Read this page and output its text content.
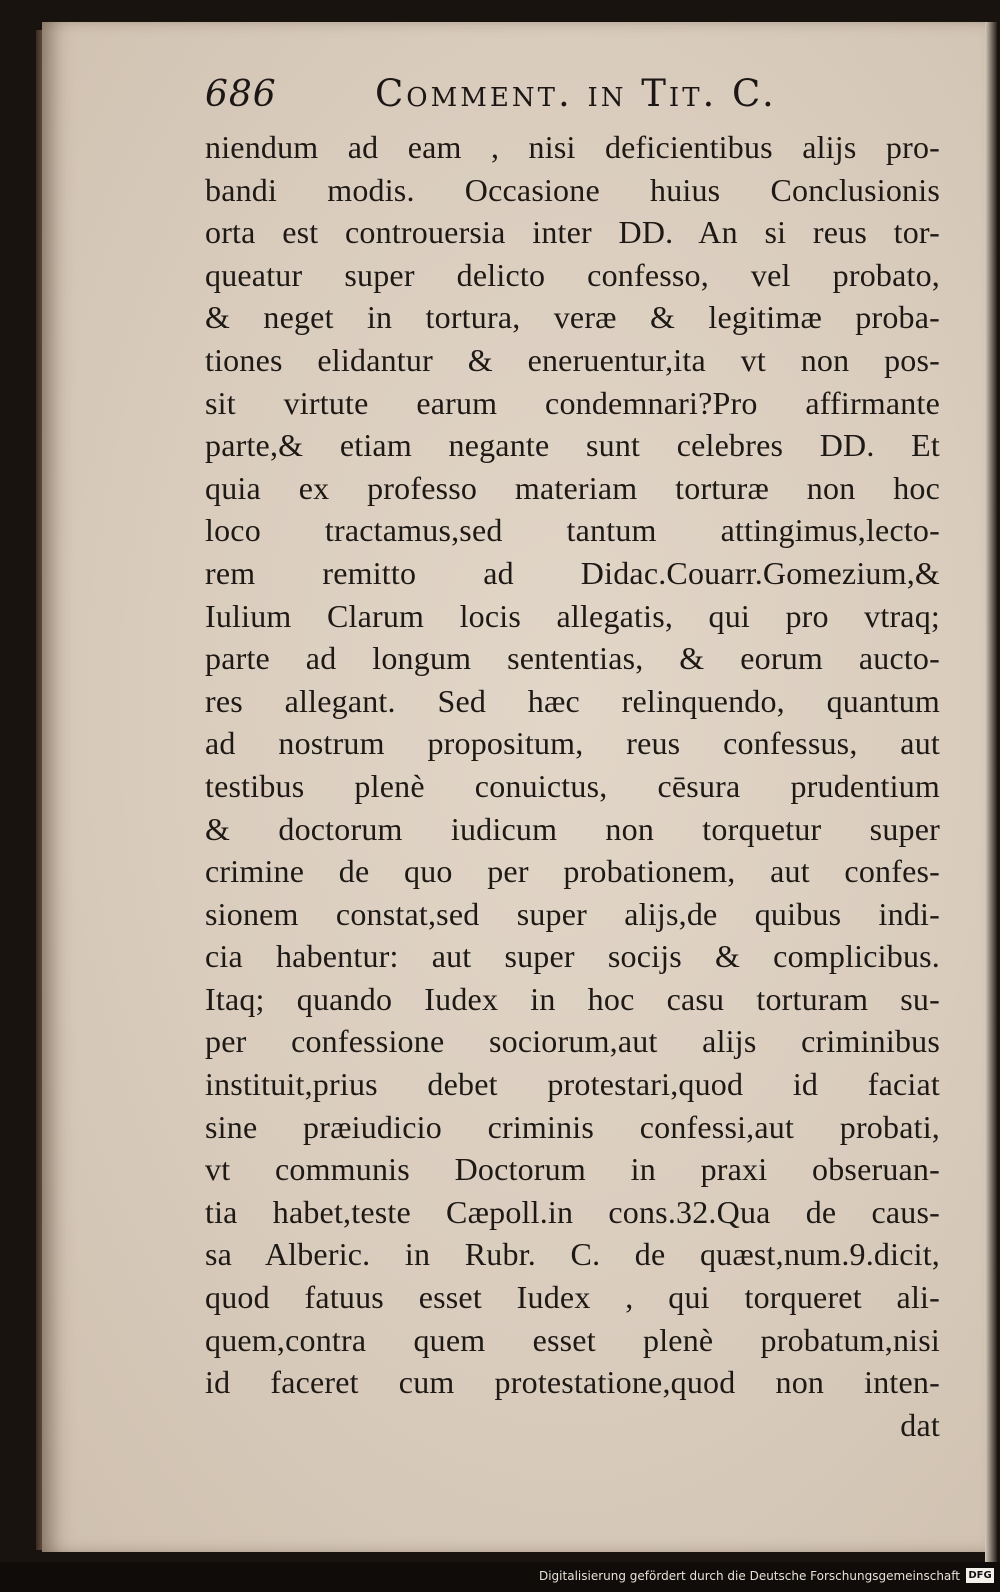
686	Comment. in Tit. C.
niendum ad eam , nisi deficientibus alijs pro-
bandi modis. Occasione huius Conclusionis
orta est controuersia inter DD. An si reus tor-
queatur super delicto confesso, vel probato,
& neget in tortura, veræ & legitimæ proba-
tiones elidantur & eneruentur,ita vt non pos-
sit virtute earum condemnari?Pro affirmante
parte,& etiam negante sunt celebres DD. Et
quia ex professo materiam torturæ non hoc
loco tractamus,sed tantum attingimus,lecto-
rem remitto ad Didac.Couarr.Gomezium,&
Iulium Clarum locis allegatis, qui pro vtraq;
parte ad longum sententias, & eorum aucto-
res allegant. Sed hæc relinquendo, quantum
ad nostrum propositum, reus confessus, aut
testibus plenè conuictus, cēsura prudentium
& doctorum iudicum non torquetur super
crimine de quo per probationem, aut confes-
sionem constat,sed super alijs,de quibus indi-
cia habentur: aut super socijs & complicibus.
Itaq; quando Iudex in hoc casu torturam su-
per confessione sociorum,aut alijs criminibus
instituit,prius debet protestari,quod id faciat
sine præiudicio criminis confessi,aut probati,
vt communis Doctorum in praxi obseruan-
tia habet,teste Cæpoll.in cons.32.Qua de caus-
sa Alberic. in Rubr. C. de quæst,num.9.dicit,
quod fatuus esset Iudex , qui torqueret ali-
quem,contra quem esset plenè probatum,nisi
id faceret cum protestatione,quod non inten-
dat
Digitalisierung gefördert durch die Deutsche Forschungsgemeinschaft DFG
